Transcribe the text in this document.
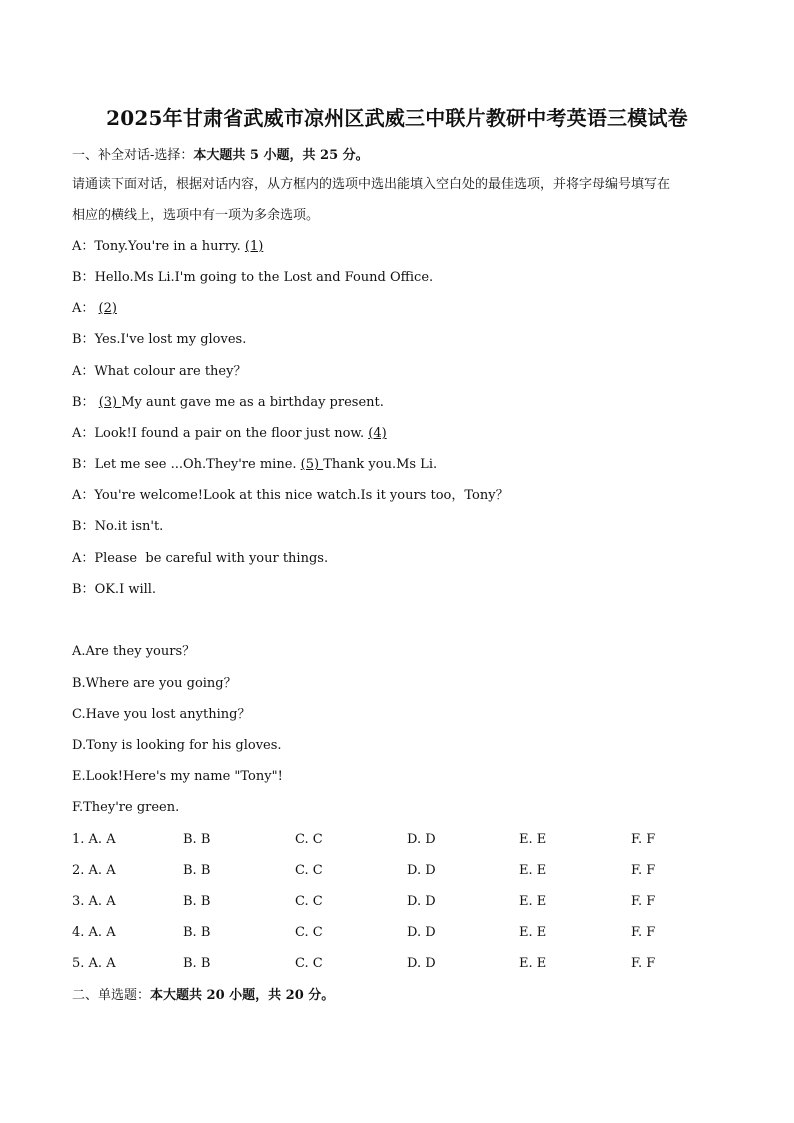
2025年甘肃省武威市凉州区武威三中联片教研中考英语三模试卷
一、补全对话-选择：本大题共 5 小题，共 25 分。
请通读下面对话，根据对话内容，从方框内的选项中选出能填入空白处的最佳选项，并将字母编号填写在
相应的横线上，选项中有一项为多余选项。
A：Tony.You're in a hurry. (1)
B：Hello.Ms Li.I'm going to the Lost and Found Office.
A： (2)
B：Yes.I've lost my gloves.
A：What colour are they？
B： (3) My aunt gave me as a birthday present.
A：Look!I found a pair on the floor just now. (4)
B：Let me see ...Oh.They're mine. (5) Thank you.Ms Li.
A：You're welcome!Look at this nice watch.Is it yours too，Tony？
B：No.it isn't.
A：Please  be careful with your things.
B：OK.I will.
A.Are they yours？
B.Where are you going？
C.Have you lost anything？
D.Tony is looking for his gloves.
E.Look!Here's my name "Tony"!
F.They're green.
1. A. A	B. B	C. C	D. D	E. E	F. F
2. A. A	B. B	C. C	D. D	E. E	F. F
3. A. A	B. B	C. C	D. D	E. E	F. F
4. A. A	B. B	C. C	D. D	E. E	F. F
5. A. A	B. B	C. C	D. D	E. E	F. F
二、单选题：本大题共 20 小题，共 20 分。
